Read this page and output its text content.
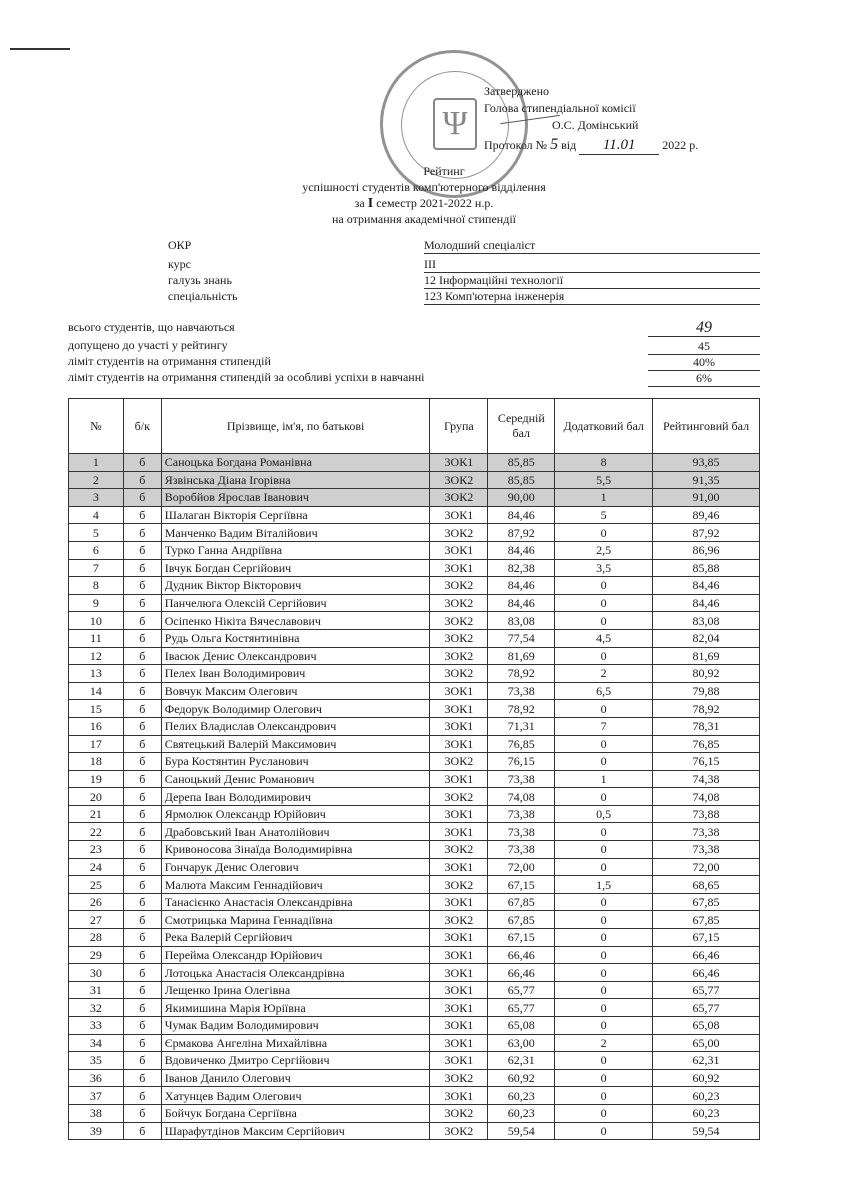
Ψ
Затверджено
Голова стипендіальної комісії
О.С. Домінський
Протокол № 5 від 11.01 2022 р.
Рейтинг
успішності студентів комп'ютерного відділення
за I семестр 2021-2022 н.р.
на отримання академічної стипендії
ОКР	Молодший спеціаліст
курс	III
галузь знань	12 Інформаційні технології
спеціальність	123 Комп'ютерна інженерія
всього студентів, що навчаються	49
допущено до участі у рейтингу	45
ліміт студентів на отримання стипендій	40%
ліміт студентів на отримання стипендій за особливі успіхи в навчанні	6%
№	б/к	Прізвище, ім'я, по батькові	Група	Середній бал	Додатковий бал	Рейтинговий бал
1	б	Саноцька Богдана Романівна	3ОК1	85,85	8	93,85
2	б	Язвінська Діана Ігорівна	3ОК2	85,85	5,5	91,35
3	б	Воробйов Ярослав Іванович	3ОК2	90,00	1	91,00
4	б	Шалаган Вікторія Сергіївна	3ОК1	84,46	5	89,46
5	б	Манченко Вадим Віталійович	3ОК2	87,92	0	87,92
6	б	Турко Ганна Андріївна	3ОК1	84,46	2,5	86,96
7	б	Івчук Богдан Сергійович	3ОК1	82,38	3,5	85,88
8	б	Дудник Віктор Вікторович	3ОК2	84,46	0	84,46
9	б	Панчелюга Олексій Сергійович	3ОК2	84,46	0	84,46
10	б	Осіпенко Нікіта Вячеславович	3ОК2	83,08	0	83,08
11	б	Рудь Ольга Костянтинівна	3ОК2	77,54	4,5	82,04
12	б	Івасюк Денис Олександрович	3ОК2	81,69	0	81,69
13	б	Пелех Іван Володимирович	3ОК2	78,92	2	80,92
14	б	Вовчук Максим Олегович	3ОК1	73,38	6,5	79,88
15	б	Федорук Володимир Олегович	3ОК1	78,92	0	78,92
16	б	Пелих Владислав Олександрович	3ОК1	71,31	7	78,31
17	б	Святецький Валерій Максимович	3ОК1	76,85	0	76,85
18	б	Бура Костянтин Русланович	3ОК2	76,15	0	76,15
19	б	Саноцький Денис Романович	3ОК1	73,38	1	74,38
20	б	Дерепа Іван Володимирович	3ОК2	74,08	0	74,08
21	б	Ярмолюк Олександр Юрійович	3ОК1	73,38	0,5	73,88
22	б	Драбовський Іван Анатолійович	3ОК1	73,38	0	73,38
23	б	Кривоносова Зінаїда Володимирівна	3ОК2	73,38	0	73,38
24	б	Гончарук Денис Олегович	3ОК1	72,00	0	72,00
25	б	Малюта Максим Геннадійович	3ОК2	67,15	1,5	68,65
26	б	Танасієнко Анастасія Олександрівна	3ОК1	67,85	0	67,85
27	б	Смотрицька Марина Геннадіївна	3ОК2	67,85	0	67,85
28	б	Река Валерій Сергійович	3ОК1	67,15	0	67,15
29	б	Перейма Олександр Юрійович	3ОК1	66,46	0	66,46
30	б	Лотоцька Анастасія Олександрівна	3ОК1	66,46	0	66,46
31	б	Лещенко Ірина Олегівна	3ОК1	65,77	0	65,77
32	б	Якимишина Марія Юріївна	3ОК1	65,77	0	65,77
33	б	Чумак Вадим Володимирович	3ОК1	65,08	0	65,08
34	б	Єрмакова Ангеліна Михайлівна	3ОК1	63,00	2	65,00
35	б	Вдовиченко Дмитро Сергійович	3ОК1	62,31	0	62,31
36	б	Іванов Данило Олегович	3ОК2	60,92	0	60,92
37	б	Хатунцев Вадим Олегович	3ОК1	60,23	0	60,23
38	б	Бойчук Богдана Сергіївна	3ОК2	60,23	0	60,23
39	б	Шарафутдінов Максим Сергійович	3ОК2	59,54	0	59,54
